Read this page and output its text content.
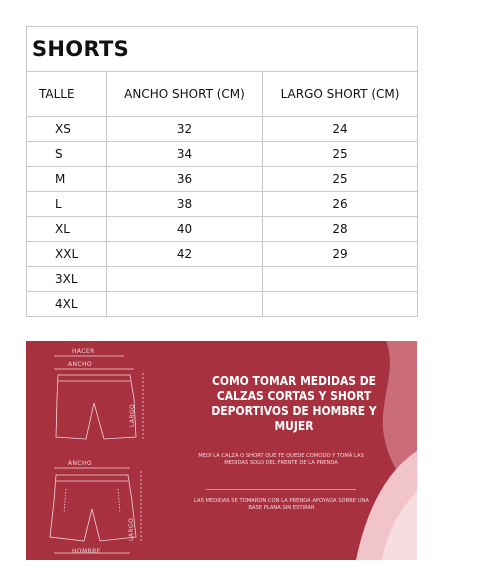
SHORTS		
TALLE	ANCHO SHORT (CM)	LARGO SHORT (CM)
XS	32	24
S	34	25
M	36	25
L	38	26
XL	40	28
XXL	42	29
3XL		
4XL		
HACER
ANCHO
LARGO
ANCHO
LARGO
HOMBRE
COMO TOMAR MEDIDAS DE CALZAS CORTAS Y SHORT DEPORTIVOS DE HOMBRE Y MUJER
MEDI LA CALZA O SHORT QUE TE QUEDE COMODO Y TOMÁ LAS MEDIDAS SOLO DEL FRENTE DE LA PRENDA
LAS MEDIDAS SE TOMARON CON LA PRENDA APOYADA SOBRE UNA BASE PLANA SIN ESTIRAR
